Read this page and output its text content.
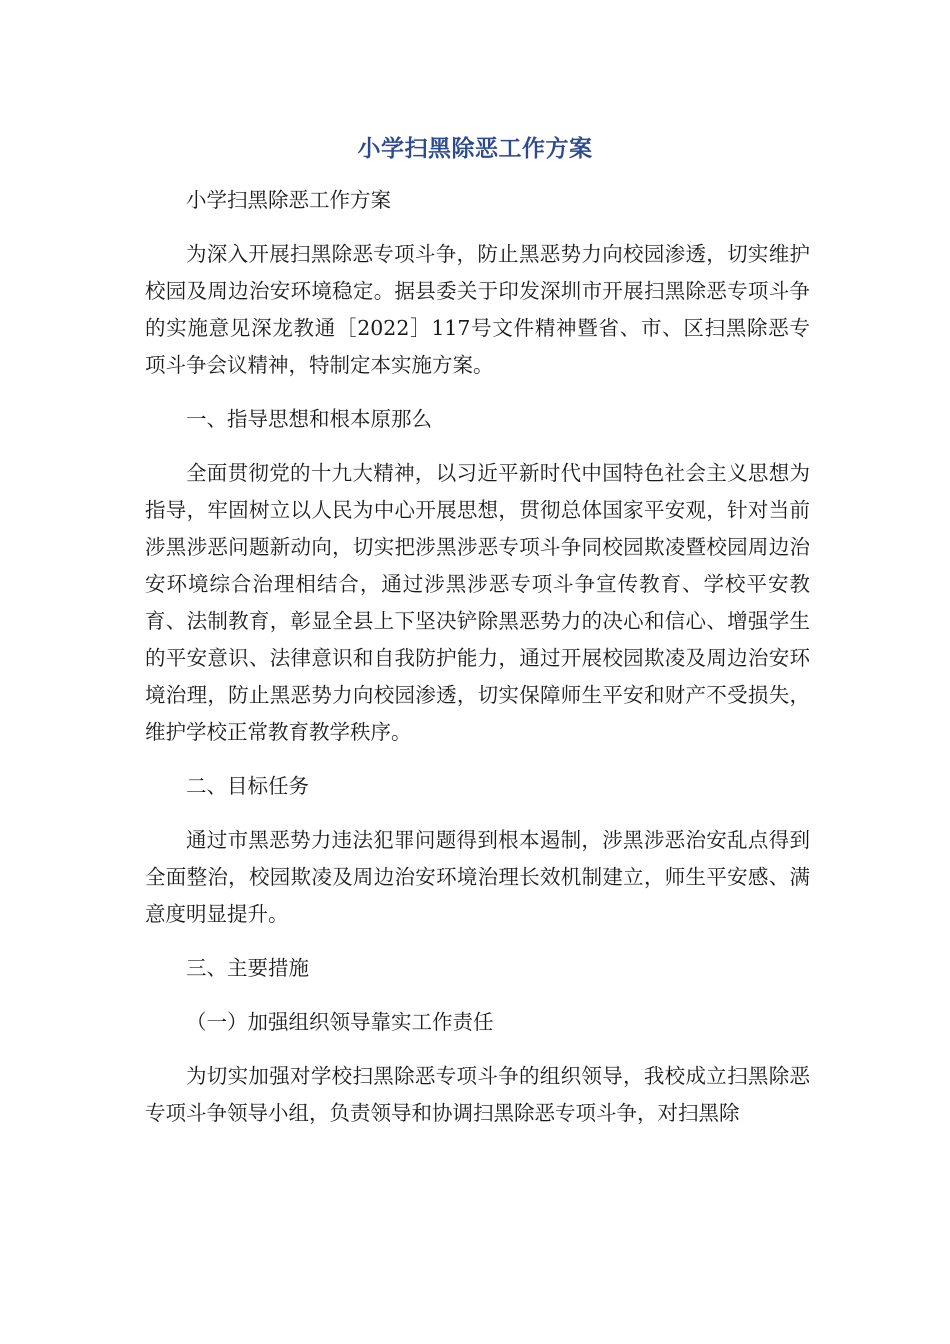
小学扫黑除恶工作方案

小学扫黑除恶工作方案

为深入开展扫黑除恶专项斗争，防止黑恶势力向校园渗透，切实维护校园及周边治安环境稳定。据县委关于印发深圳市开展扫黑除恶专项斗争的实施意见深龙教通［2022］117号文件精神暨省、市、区扫黑除恶专项斗争会议精神，特制定本实施方案。

一、指导思想和根本原那么

全面贯彻党的十九大精神，以习近平新时代中国特色社会主义思想为指导，牢固树立以人民为中心开展思想，贯彻总体国家平安观，针对当前涉黑涉恶问题新动向，切实把涉黑涉恶专项斗争同校园欺凌暨校园周边治安环境综合治理相结合，通过涉黑涉恶专项斗争宣传教育、学校平安教育、法制教育，彰显全县上下坚决铲除黑恶势力的决心和信心、增强学生的平安意识、法律意识和自我防护能力，通过开展校园欺凌及周边治安环境治理，防止黑恶势力向校园渗透，切实保障师生平安和财产不受损失，维护学校正常教育教学秩序。

二、目标任务

通过市黑恶势力违法犯罪问题得到根本遏制，涉黑涉恶治安乱点得到全面整治，校园欺凌及周边治安环境治理长效机制建立，师生平安感、满意度明显提升。

三、主要措施

（一）加强组织领导靠实工作责任

为切实加强对学校扫黑除恶专项斗争的组织领导，我校成立扫黑除恶专项斗争领导小组，负责领导和协调扫黑除恶专项斗争，对扫黑除
